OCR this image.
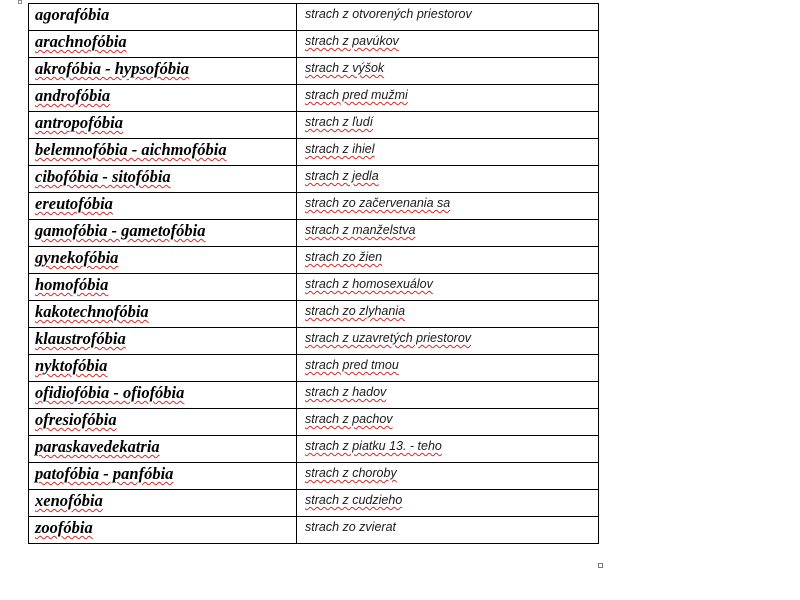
agorafóbia	strach z otvorených priestorov
arachnofóbia	strach z pavúkov
akrofóbia - hypsofóbia	strach z výšok
androfóbia	strach pred mužmi
antropofóbia	strach z ľudí
belemnofóbia - aichmofóbia	strach z ihiel
cibofóbia - sitofóbia	strach z jedla
ereutofóbia	strach zo začervenania sa
gamofóbia - gametofóbia	strach z manželstva
gynekofóbia	strach zo žien
homofóbia	strach z homosexuálov
kakotechnofóbia	strach zo zlyhania
klaustrofóbia	strach z uzavretých priestorov
nyktofóbia	strach pred tmou
ofidiofóbia - ofiofóbia	strach z hadov
ofresiofóbia	strach z pachov
paraskavedekatria	strach z piatku 13. - teho
patofóbia - panfóbia	strach z choroby
xenofóbia	strach z cudzieho
zoofóbia	strach zo zvierat
